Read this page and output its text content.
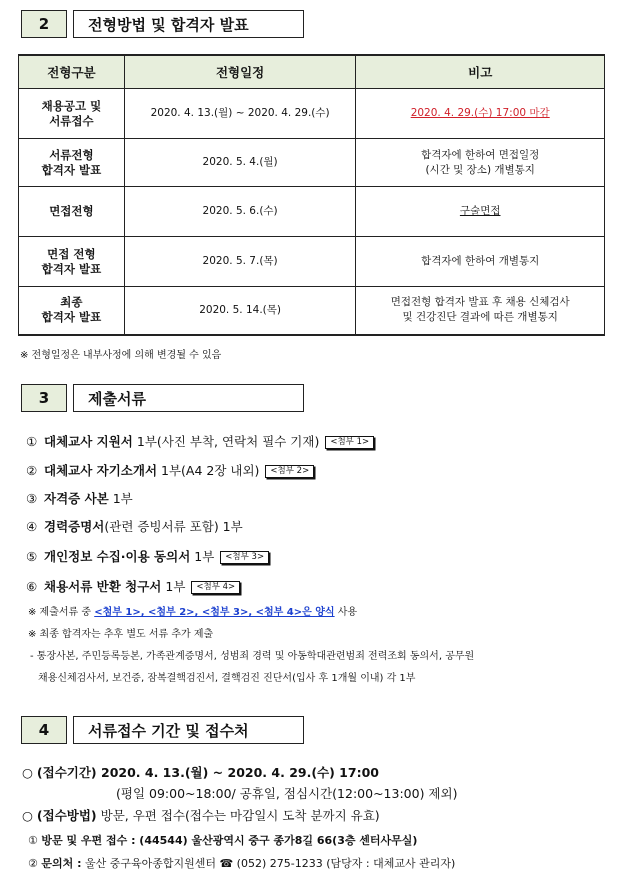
2	전형방법 및 합격자 발표
전형구분	전형일정	비고
채용공고 및
서류접수	2020. 4. 13.(월) ~ 2020. 4. 29.(수)	2020. 4. 29.(수) 17:00 마감
서류전형
합격자 발표	2020. 5. 4.(월)	합격자에 한하여 면접일정
(시간 및 장소) 개별통지
면접전형	2020. 5. 6.(수)	구술면접
면접 전형
합격자 발표	2020. 5. 7.(목)	합격자에 한하여 개별통지
최종
합격자 발표	2020. 5. 14.(목)	면접전형 합격자 발표 후 채용 신체검사
및 건강진단 결과에 따른 개별통지
※ 전형일정은 내부사정에 의해 변경될 수 있음
3	제출서류
① 대체교사 지원서 1부(사진 부착, 연락처 필수 기재) <첨부 1>
② 대체교사 자기소개서 1부(A4 2장 내외) <첨부 2>
③ 자격증 사본 1부
④ 경력증명서(관련 증빙서류 포함) 1부
⑤ 개인정보 수집·이용 동의서 1부 <첨부 3>
⑥ 채용서류 반환 청구서 1부 <첨부 4>
※ 제출서류 중 <첨부 1>, <첨부 2>, <첨부 3>, <첨부 4>은 양식 사용
※ 최종 합격자는 추후 별도 서류 추가 제출
- 통장사본, 주민등록등본, 가족관계증명서, 성범죄 경력 및 아동학대관련범죄 전력조회 동의서, 공무원
채용신체검사서, 보건증, 잠복결핵검진서, 결핵검진 진단서(입사 후 1개월 이내) 각 1부
4	서류접수 기간 및 접수처
○ (접수기간) 2020. 4. 13.(월) ~ 2020. 4. 29.(수) 17:00
(평일 09:00~18:00/ 공휴일, 점심시간(12:00~13:00) 제외)
○ (접수방법) 방문, 우편 접수(접수는 마감일시 도착 분까지 유효)
① 방문 및 우편 접수 : (44544) 울산광역시 중구 종가8길 66(3층 센터사무실)
② 문의처 : 울산 중구육아종합지원센터 ☎ (052) 275-1233 (담당자 : 대체교사 관리자)
